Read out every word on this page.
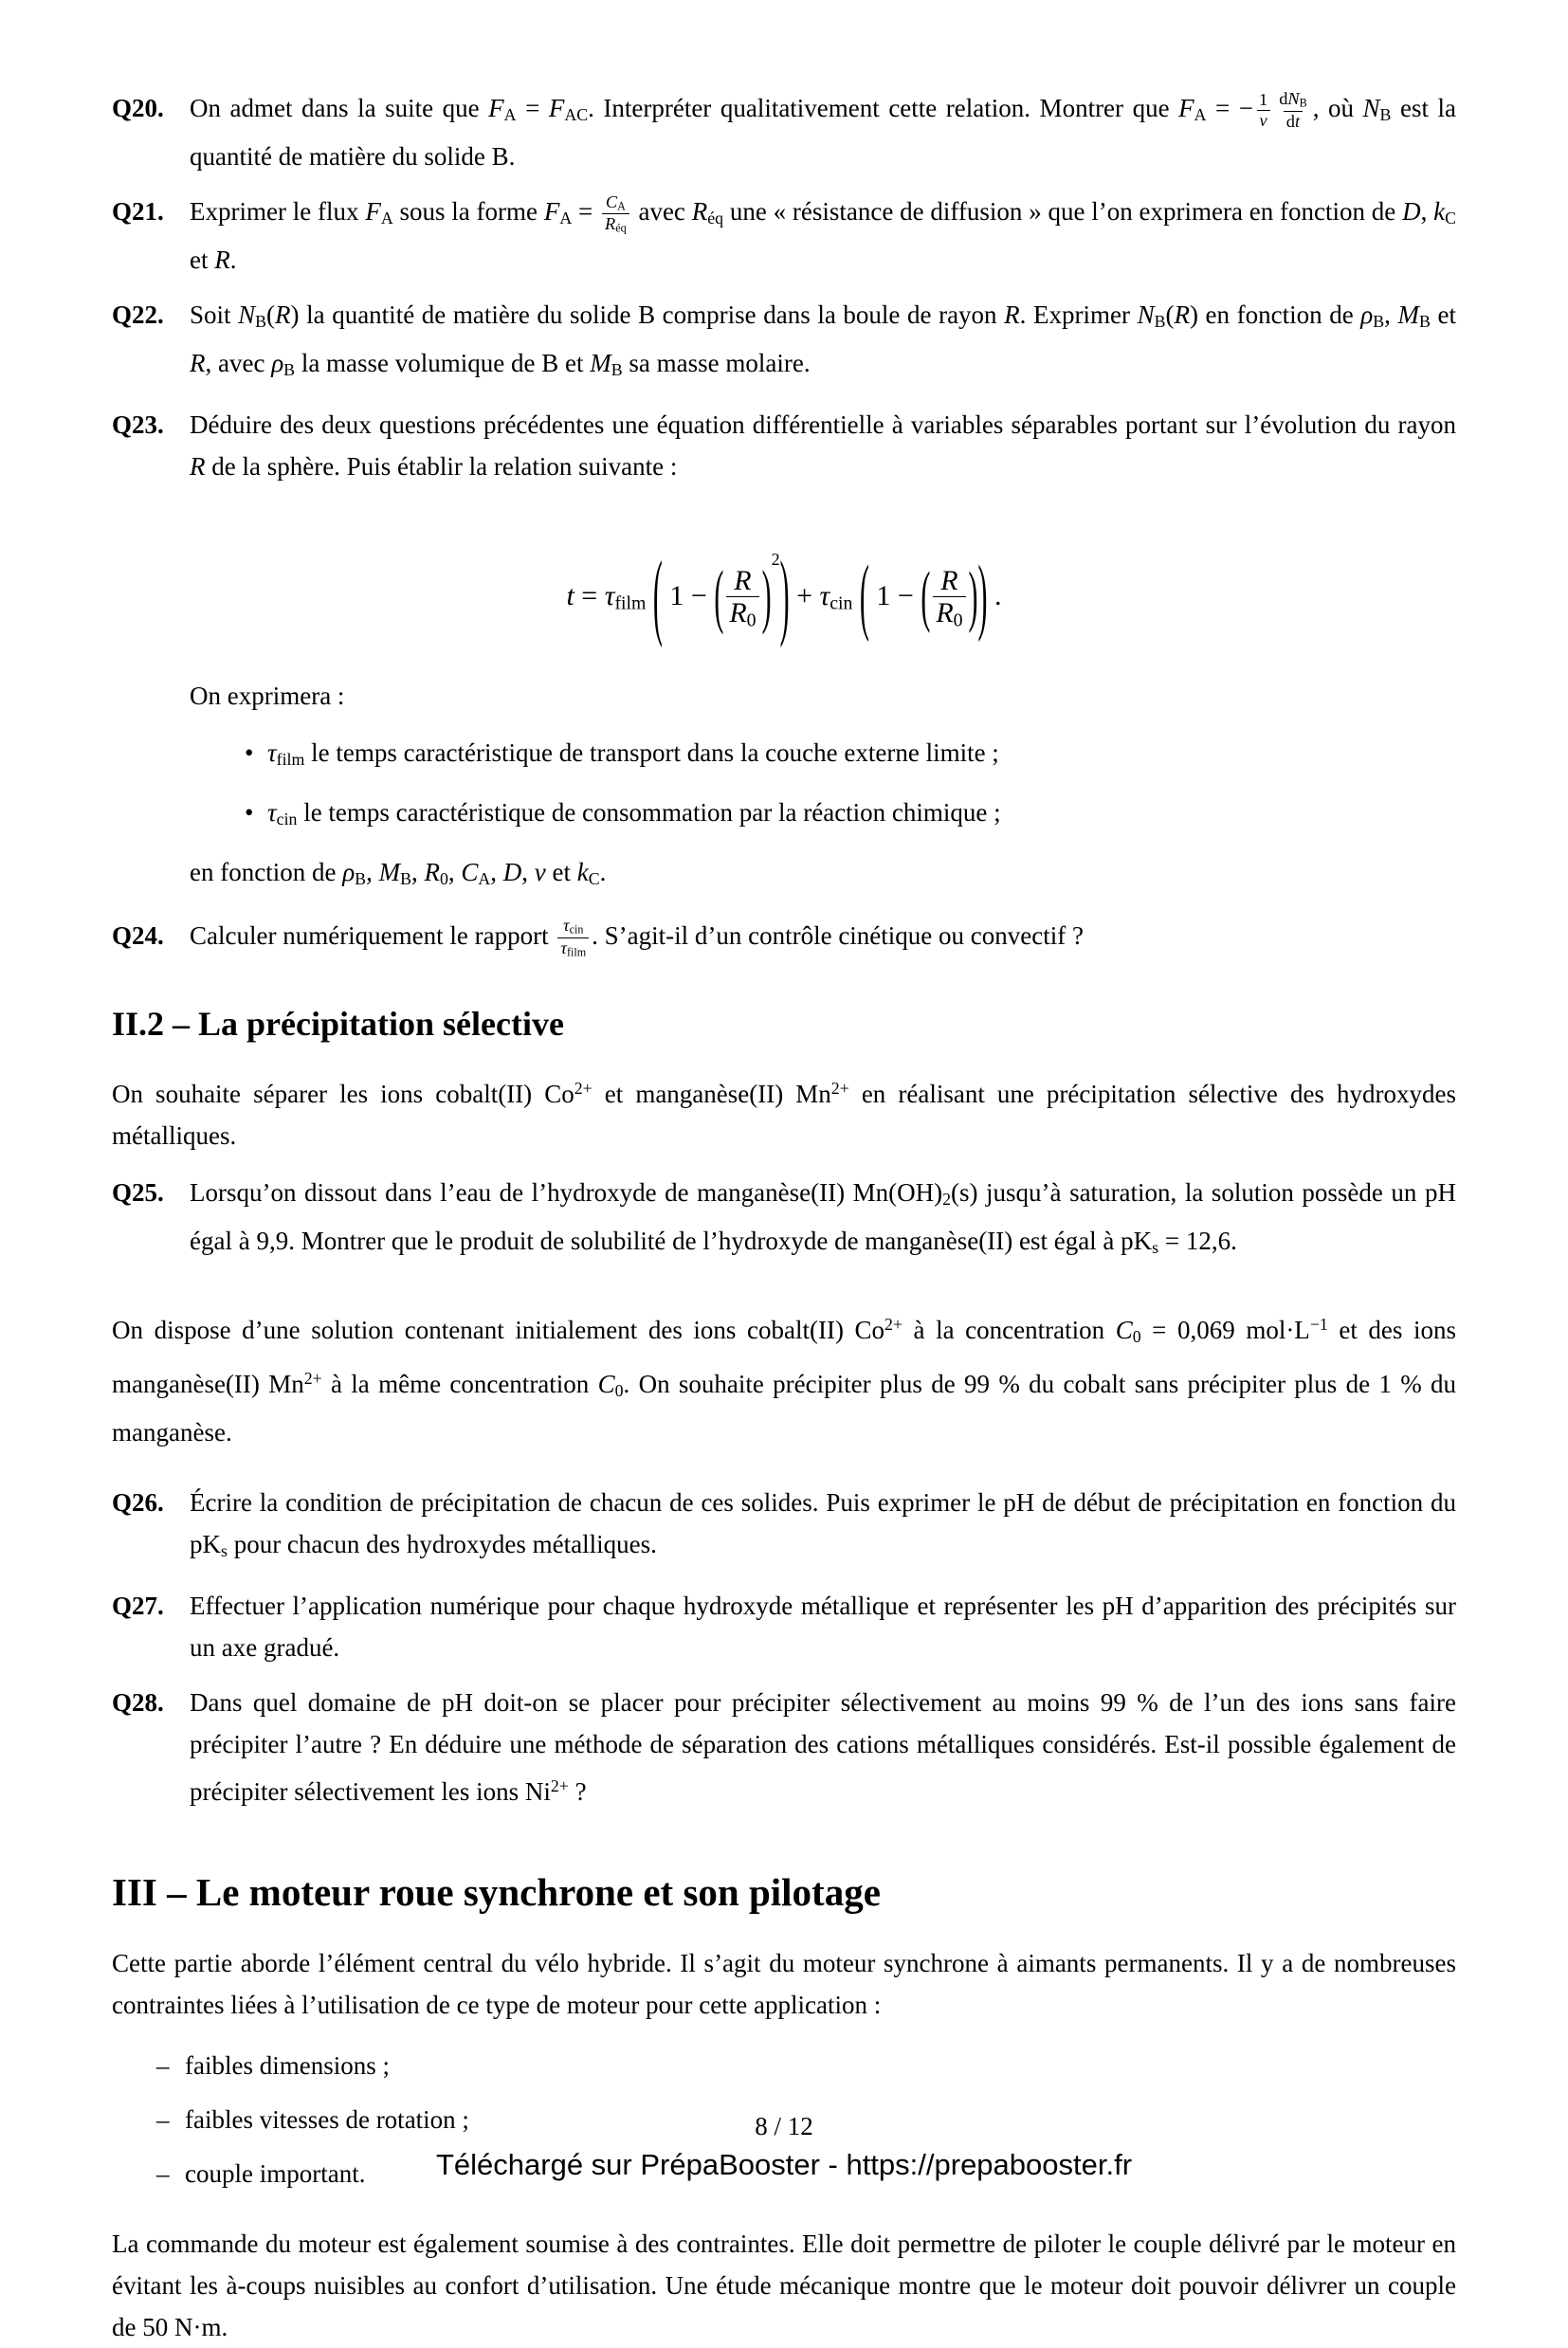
Q20.	On admet dans la suite que FA = FAC. Interpréter qualitativement cette relation. Montrer que FA = − $\frac{1}{\nu}$ dNB
dt , où NB est la quantité de matière du solide B.
Q21.	Exprimer le flux FA sous la forme FA = CA
Réq
avec Réq une « résistance de diffusion » que l’on exprimera en fonction de D, kC et R.
Q22.	Soit NB(R) la quantité de matière du solide B comprise dans la boule de rayon R. Exprimer NB(R) en fonction de ρB, MB et R, avec ρB la masse volumique de B et MB sa masse molaire.
Q23.	Déduire des deux questions précédentes une équation différentielle à variables séparables portant sur l’évolution du rayon R de la sphère. Puis établir la relation suivante :
t = τfilm ( 1 − ( $\frac{R}{R0} )^2) + \tau cin$ ( 1 − ( $\frac{R}{R0}$ )) .
On exprimera :
• τfilm le temps caractéristique de transport dans la couche externe limite ;
• τcin le temps caractéristique de consommation par la réaction chimique ;
en fonction de ρB, MB, R0, CA, D, ν et kC.
Q24.	Calculer numériquement le rapport τcin
τfilm
. S’agit-il d’un contrôle cinétique ou convectif ?
II.2 – La précipitation sélective
On souhaite séparer les ions cobalt(II) $Co^{2+}$ et manganèse(II) $Mn^{2+}$ en réalisant une précipitation sélective des hydroxydes métalliques.
Q25.	Lorsqu’on dissout dans l’eau de l’hydroxyde de manganèse(II) Mn(OH)2(s) jusqu’à saturation, la solution possède un pH égal à 9,9. Montrer que le produit de solubilité de l’hydroxyde de manganèse(II) est égal à pKs = 12,6.
On dispose d’une solution contenant initialement des ions cobalt(II) $Co^{2+}$ à la concentration C0 = 0,069 $mol\cdot L^{-1}$ et des ions manganèse(II) $Mn^{2+}$ à la même concentration C0. On souhaite précipiter plus de 99 % du cobalt sans précipiter plus de 1 % du manganèse.
Q26.	Écrire la condition de précipitation de chacun de ces solides. Puis exprimer le pH de début de précipitation en fonction du pKs pour chacun des hydroxydes métalliques.
Q27.	Effectuer l’application numérique pour chaque hydroxyde métallique et représenter les pH d’apparition des précipités sur un axe gradué.
Q28.	Dans quel domaine de pH doit-on se placer pour précipiter sélectivement au moins 99 % de l’un des ions sans faire précipiter l’autre ? En déduire une méthode de séparation des cations métalliques considérés. Est-il possible également de précipiter sélectivement les ions $Ni^{2+}$ ?
III – Le moteur roue synchrone et son pilotage
Cette partie aborde l’élément central du vélo hybride. Il s’agit du moteur synchrone à aimants permanents. Il y a de nombreuses contraintes liées à l’utilisation de ce type de moteur pour cette application :
– faibles dimensions ;
– faibles vitesses de rotation ;
– couple important.
La commande du moteur est également soumise à des contraintes. Elle doit permettre de piloter le couple délivré par le moteur en évitant les à-coups nuisibles au confort d’utilisation. Une étude mécanique montre que le moteur doit pouvoir délivrer un couple de 50 N·m.
8 / 12
Téléchargé sur PrépaBooster - https://prepabooster.fr
